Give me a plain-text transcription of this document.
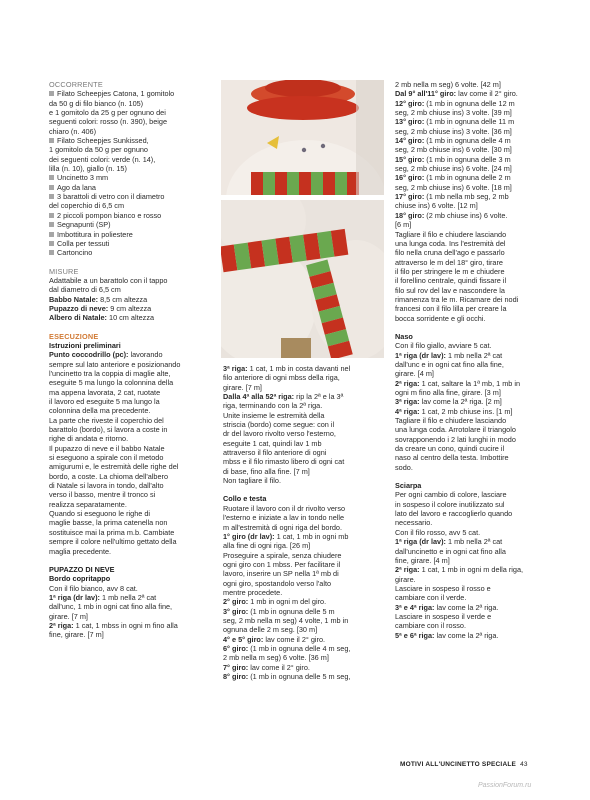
OCCORRENTE
Filato Scheepjes Catona, 1 gomitolo
da 50 g di filo bianco (n. 105)
e 1 gomitolo da 25 g per ognuno dei
seguenti colori: rosso (n. 390), beige
chiaro (n. 406)
Filato Scheepjes Sunkissed,
1 gomitolo da 50 g per ognuno
dei seguenti colori: verde (n. 14),
lilla (n. 10), giallo (n. 15)
Uncinetto 3 mm
Ago da lana
3 barattoli di vetro con il diametro
del coperchio di 6,5 cm
2 piccoli pompon bianco e rosso
Segnapunti (SP)
Imbottitura in poliestere
Colla per tessuti
Cartoncino
MISURE
Adattabile a un barattolo con il tappo
dal diametro di 6,5 cm
Babbo Natale: 8,5 cm altezza
Pupazzo di neve: 9 cm altezza
Albero di Natale: 10 cm altezza
ESECUZIONE
Istruzioni preliminari
Punto coccodrillo (pc): lavorando
sempre sul lato anteriore e posizionando
l'uncinetto tra la coppia di maglie alte,
eseguite 5 ma lungo la colonnina della
ma appena lavorata, 2 cat, ruotate
il lavoro ed eseguite 5 ma lungo la
colonnina della ma precedente.
La parte che riveste il coperchio del
barattolo (bordo), si lavora a coste in
righe di andata e ritorno.
Il pupazzo di neve e il babbo Natale
si eseguono a spirale con il metodo
amigurumi e, le estremità delle righe del
bordo, a coste. La chioma dell'albero
di Natale si lavora in tondo, dall'alto
verso il basso, mentre il tronco si
realizza separatamente.
Quando si eseguono le righe di
maglie basse, la prima catenella non
sostituisce mai la prima m.b. Cambiate
sempre il colore nell'ultimo gettato della
maglia precedente.
PUPAZZO DI NEVE
Bordo copritappo
Con il filo bianco, avv 8 cat.
1ª riga (dr lav): 1 mb nella 2ª cat
dall'unc, 1 mb in ogni cat fino alla fine,
girare. [7 m]
2ª riga: 1 cat, 1 mbss in ogni m fino alla
fine, girare. [7 m]
3ª riga: 1 cat, 1 mb in costa davanti nel
filo anteriore di ogni mbss della riga,
girare. [7 m]
Dalla 4ª alla 52ª riga: rip la 2ª e la 3ª
riga, terminando con la 2ª riga.
Unite insieme le estremità della
striscia (bordo) come segue: con il
dr del lavoro rivolto verso l'esterno,
eseguite 1 cat, quindi lav 1 mb
attraverso il filo anteriore di ogni
mbss e il filo rimasto libero di ogni cat
di base, fino alla fine. [7 m]
Non tagliare il filo.
Collo e testa
Ruotare il lavoro con il dr rivolto verso
l'esterno e iniziate a lav in tondo nelle
m all'estremità di ogni riga del bordo.
1° giro (dr lav): 1 cat, 1 mb in ogni mb
alla fine di ogni riga. [26 m]
Proseguire a spirale, senza chiudere
ogni giro con 1 mbss. Per facilitare il
lavoro, inserire un SP nella 1ª mb di
ogni giro, spostandolo verso l'alto
mentre procedete.
2° giro: 1 mb in ogni m del giro.
3° giro: (1 mb in ognuna delle 5 m
seg, 2 mb nella m seg) 4 volte, 1 mb in
ognuna delle 2 m seg. [30 m]
4° e 5° giro: lav come il 2° giro.
6° giro: (1 mb in ognuna delle 4 m seg,
2 mb nella m seg) 6 volte. [36 m]
7° giro: lav come il 2° giro.
8° giro: (1 mb in ognuna delle 5 m seg,
2 mb nella m seg) 6 volte. [42 m]
Dal 9° all'11° giro: lav come il 2° giro.
12° giro: (1 mb in ognuna delle 12 m
seg, 2 mb chiuse ins) 3 volte. [39 m]
13° giro: (1 mb in ognuna delle 11 m
seg, 2 mb chiuse ins) 3 volte. [36 m]
14° giro: (1 mb in ognuna delle 4 m
seg, 2 mb chiuse ins) 6 volte. [30 m]
15° giro: (1 mb in ognuna delle 3 m
seg, 2 mb chiuse ins) 6 volte. [24 m]
16° giro: (1 mb in ognuna delle 2 m
seg, 2 mb chiuse ins) 6 volte. [18 m]
17° giro: (1 mb nella mb seg, 2 mb
chiuse ins) 6 volte. [12 m]
18° giro: (2 mb chiuse ins) 6 volte.
[6 m]
Tagliare il filo e chiudere lasciando
una lunga coda. Ins l'estremità del
filo nella cruna dell'ago e passarlo
attraverso le m del 18° giro, tirare
il filo per stringere le m e chiudere
il forellino centrale, quindi fissare il
filo sul rov del lav e nascondere la
rimanenza tra le m. Ricamare dei nodi
francesi con il filo lilla per creare la
bocca sorridente e gli occhi.
Naso
Con il filo giallo, avviare 5 cat.
1ª riga (dr lav): 1 mb nella 2ª cat
dall'unc e in ogni cat fino alla fine,
girare. [4 m]
2ª riga: 1 cat, saltare la 1ª mb, 1 mb in
ogni m fino alla fine, girare. [3 m]
3ª riga: lav come la 2ª riga. [2 m]
4ª riga: 1 cat, 2 mb chiuse ins. [1 m]
Tagliare il filo e chiudere lasciando
una lunga coda. Arrotolare il triangolo
sovrapponendo i 2 lati lunghi in modo
da creare un cono, quindi cucire il
naso al centro della testa. Imbottire
sodo.
Sciarpa
Per ogni cambio di colore, lasciare
in sospeso il colore inutilizzato sul
lato del lavoro e raccoglierlo quando
necessario.
Con il filo rosso, avv 5 cat.
1ª riga (dr lav): 1 mb nella 2ª cat
dall'uncinetto e in ogni cat fino alla
fine, girare. [4 m]
2ª riga: 1 cat, 1 mb in ogni m della riga,
girare.
Lasciare in sospeso il rosso e
cambiare con il verde.
3ª e 4ª riga: lav come la 2ª riga.
Lasciare in sospeso il verde e
cambiare con il rosso.
5ª e 6ª riga: lav come la 2ª riga.
MOTIVI ALL'UNCINETTO SPECIALE 43
PassionForum.ru
